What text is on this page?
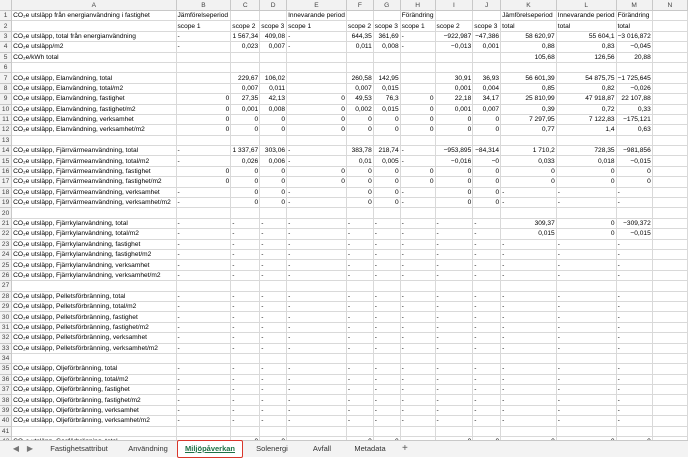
	A	B	C	D	E	F	G	H	I	J	K	L	M	N
1	CO₂e utsläpp från energianvändning i fastighet	Jämförelseperiod			Innevarande period			Förändring			Jämförelseperiod	Innevarande period	Förändring	
2		scope 1	scope 2	scope 3	scope 1	scope 2	scope 3	scope 1	scope 2	scope 3	total	total	total	
3	CO₂e utsläpp, total från energianvändning	-	1 567,34	409,08	-	644,35	361,69	-	−922,987	−47,386	58 620,97	55 604,1	−3 016,872	
4	CO₂e utsläpp/m2	-	0,023	0,007	-	0,011	0,008	-	−0,013	0,001	0,88	0,83	−0,045	
5	CO₂e/kWh total										105,68	126,56	20,88	
6														
7	CO₂e utsläpp, Elanvändning, total		229,67	106,02		260,58	142,95		30,91	36,93	56 601,39	54 875,75	−1 725,645	
8	CO₂e utsläpp, Elanvändning, total/m2		0,007	0,011		0,007	0,015		0,001	0,004	0,85	0,82	−0,026	
9	CO₂e utsläpp, Elanvändning, fastighet	0	27,35	42,13	0	49,53	76,3	0	22,18	34,17	25 810,99	47 918,87	22 107,88	
10	CO₂e utsläpp, Elanvändning, fastighet/m2	0	0,001	0,008	0	0,002	0,015	0	0,001	0,007	0,39	0,72	0,33	
11	CO₂e utsläpp, Elanvändning, verksamhet	0	0	0	0	0	0	0	0	0	7 297,95	7 122,83	−175,121	
12	CO₂e utsläpp, Elanvändning, verksamhet/m2	0	0	0	0	0	0	0	0	0	0,77	1,4	0,63	
13														
14	CO₂e utsläpp, Fjärrvärmeanvändning, total	-	1 337,67	303,06	-	383,78	218,74	-	−953,895	−84,314	1 710,2	728,35	−981,856	
15	CO₂e utsläpp, Fjärrvärmeanvändning, total/m2	-	0,026	0,006	-	0,01	0,005	-	−0,016	−0	0,033	0,018	−0,015	
16	CO₂e utsläpp, Fjärrvärmeanvändning, fastighet	0	0	0	0	0	0	0	0	0	0	0	0	
17	CO₂e utsläpp, Fjärrvärmeanvändning, fastighet/m2	0	0	0	0	0	0	0	0	0	0	0	0	
18	CO₂e utsläpp, Fjärrvärmeanvändning, verksamhet	-	0	0	-	0	0	-	0	0	-	-	-	
19	CO₂e utsläpp, Fjärrvärmeanvändning, verksamhet/m2	-	0	0	-	0	0	-	0	0	-	-	-	
20														
21	CO₂e utsläpp, Fjärrkylanvändning, total	-	-	-	-	-	-	-	-	-	309,37	0	−309,372	
22	CO₂e utsläpp, Fjärrkylanvändning, total/m2	-	-	-	-	-	-	-	-	-	0,015	0	−0,015	
23	CO₂e utsläpp, Fjärrkylanvändning, fastighet	-	-	-	-	-	-	-	-	-	-	-	-	
24	CO₂e utsläpp, Fjärrkylanvändning, fastighet/m2	-	-	-	-	-	-	-	-	-	-	-	-	
25	CO₂e utsläpp, Fjärrkylanvändning, verksamhet	-	-	-	-	-	-	-	-	-	-	-	-	
26	CO₂e utsläpp, Fjärrkylanvändning, verksamhet/m2	-	-	-	-	-	-	-	-	-	-	-	-	
27														
28	CO₂e utsläpp, Pelletsförbränning, total	-	-	-	-	-	-	-	-	-	-	-	-	
29	CO₂e utsläpp, Pelletsförbränning, total/m2	-	-	-	-	-	-	-	-	-	-	-	-	
30	CO₂e utsläpp, Pelletsförbränning, fastighet	-	-	-	-	-	-	-	-	-	-	-	-	
31	CO₂e utsläpp, Pelletsförbränning, fastighet/m2	-	-	-	-	-	-	-	-	-	-	-	-	
32	CO₂e utsläpp, Pelletsförbränning, verksamhet	-	-	-	-	-	-	-	-	-	-	-	-	
33	CO₂e utsläpp, Pelletsförbränning, verksamhet/m2	-	-	-	-	-	-	-	-	-	-	-	-	
34														
35	CO₂e utsläpp, Oljeförbränning, total	-	-	-	-	-	-	-	-	-	-	-	-	
36	CO₂e utsläpp, Oljeförbränning, total/m2	-	-	-	-	-	-	-	-	-	-	-	-	
37	CO₂e utsläpp, Oljeförbränning, fastighet	-	-	-	-	-	-	-	-	-	-	-	-	
38	CO₂e utsläpp, Oljeförbränning, fastighet/m2	-	-	-	-	-	-	-	-	-	-	-	-	
39	CO₂e utsläpp, Oljeförbränning, verksamhet	-	-	-	-	-	-	-	-	-	-	-	-	
40	CO₂e utsläpp, Oljeförbränning, verksamhet/m2	-	-	-	-	-	-	-	-	-	-	-	-	
41														

◀ ▶	Fastighetsattribut	Användning	Miljöpåverkan	Solenergi	Avfall	Metadata	+
